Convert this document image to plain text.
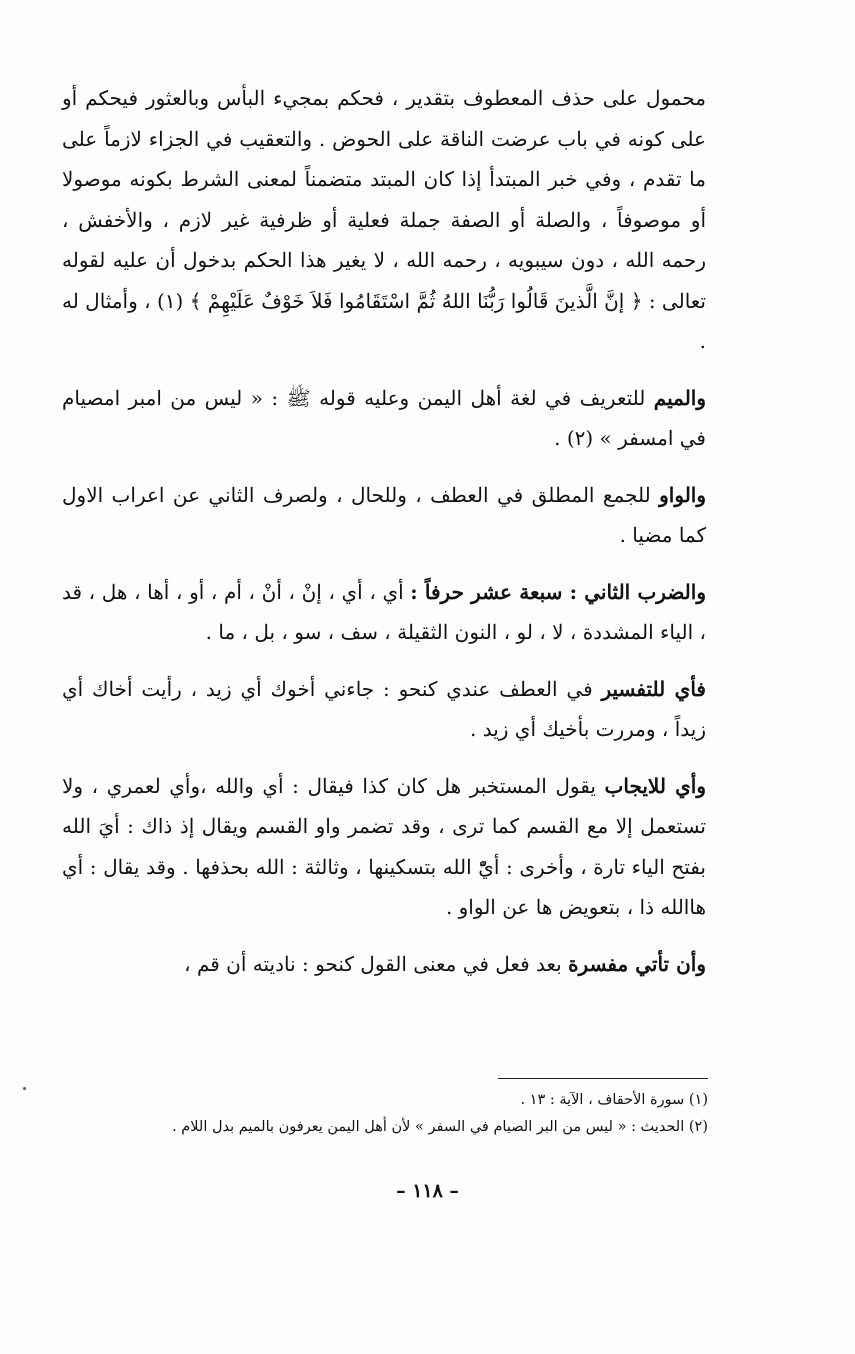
محمول على حذف المعطوف بتقدير ، فحكم بمجيء البأس وبالعثور فيحكم أو على كونه في باب عرضت الناقة على الحوض . والتعقيب في الجزاء لازماً على ما تقدم ، وفي خبر المبتدأ إذا كان المبتد متضمناً لمعنى الشرط بكونه موصولا أو موصوفاً ، والصلة أو الصفة جملة فعلية أو ظرفية غير لازم ، والأخفش ، رحمه الله ، دون سيبويه ، رحمه الله ، لا يغير هذا الحكم بدخول أن عليه لقوله تعالى : ﴿ إنَّ الَّذينَ قَالُوا رَبُّنَا اللهُ ثُمَّ اسْتَقَامُوا فَلاَ خَوْفٌ عَلَيْهِمْ ﴾ (١) ، وأمثال له .

والميم للتعريف في لغة أهل اليمن وعليه قوله ﷺ : « ليس من امبر امصيام في امسفر » (٢) .

والواو للجمع المطلق في العطف ، وللحال ، ولصرف الثاني عن اعراب الاول كما مضيا .

والضرب الثاني : سبعة عشر حرفاً : أي ، أي ، إنْ ، أنْ ، أم ، أو ، أها ، هل ، قد ، الياء المشددة ، لا ، لو ، النون الثقيلة ، سف ، سو ، بل ، ما .

فأي للتفسير في العطف عندي كنحو : جاءني أخوك أي زيد ، رأيت أخاك أي زيداً ، ومررت بأخيك أي زيد .

وأي للايجاب يقول المستخبر هل كان كذا فيقال : أي والله ،وأي لعمري ، ولا تستعمل إلا مع القسم كما ترى ، وقد تضمر واو القسم ويقال إذ ذاك : أيَ الله بفتح الياء تارة ، وأخرى : أيّْ الله بتسكينها ، وثالثة : الله بحذفها . وقد يقال : أي هاالله ذا ، بتعويض ها عن الواو .

وأن تأتي مفسرة بعد فعل في معنى القول كنحو : ناديته أن قم ،

(١) سورة الأحقاف ، الآية : ١٣ .

(٢) الحديث : « ليس من البر الصيام في السفر » لأن أهل اليمن يعرفون بالميم بدل اللام .

– ١١٨ –
